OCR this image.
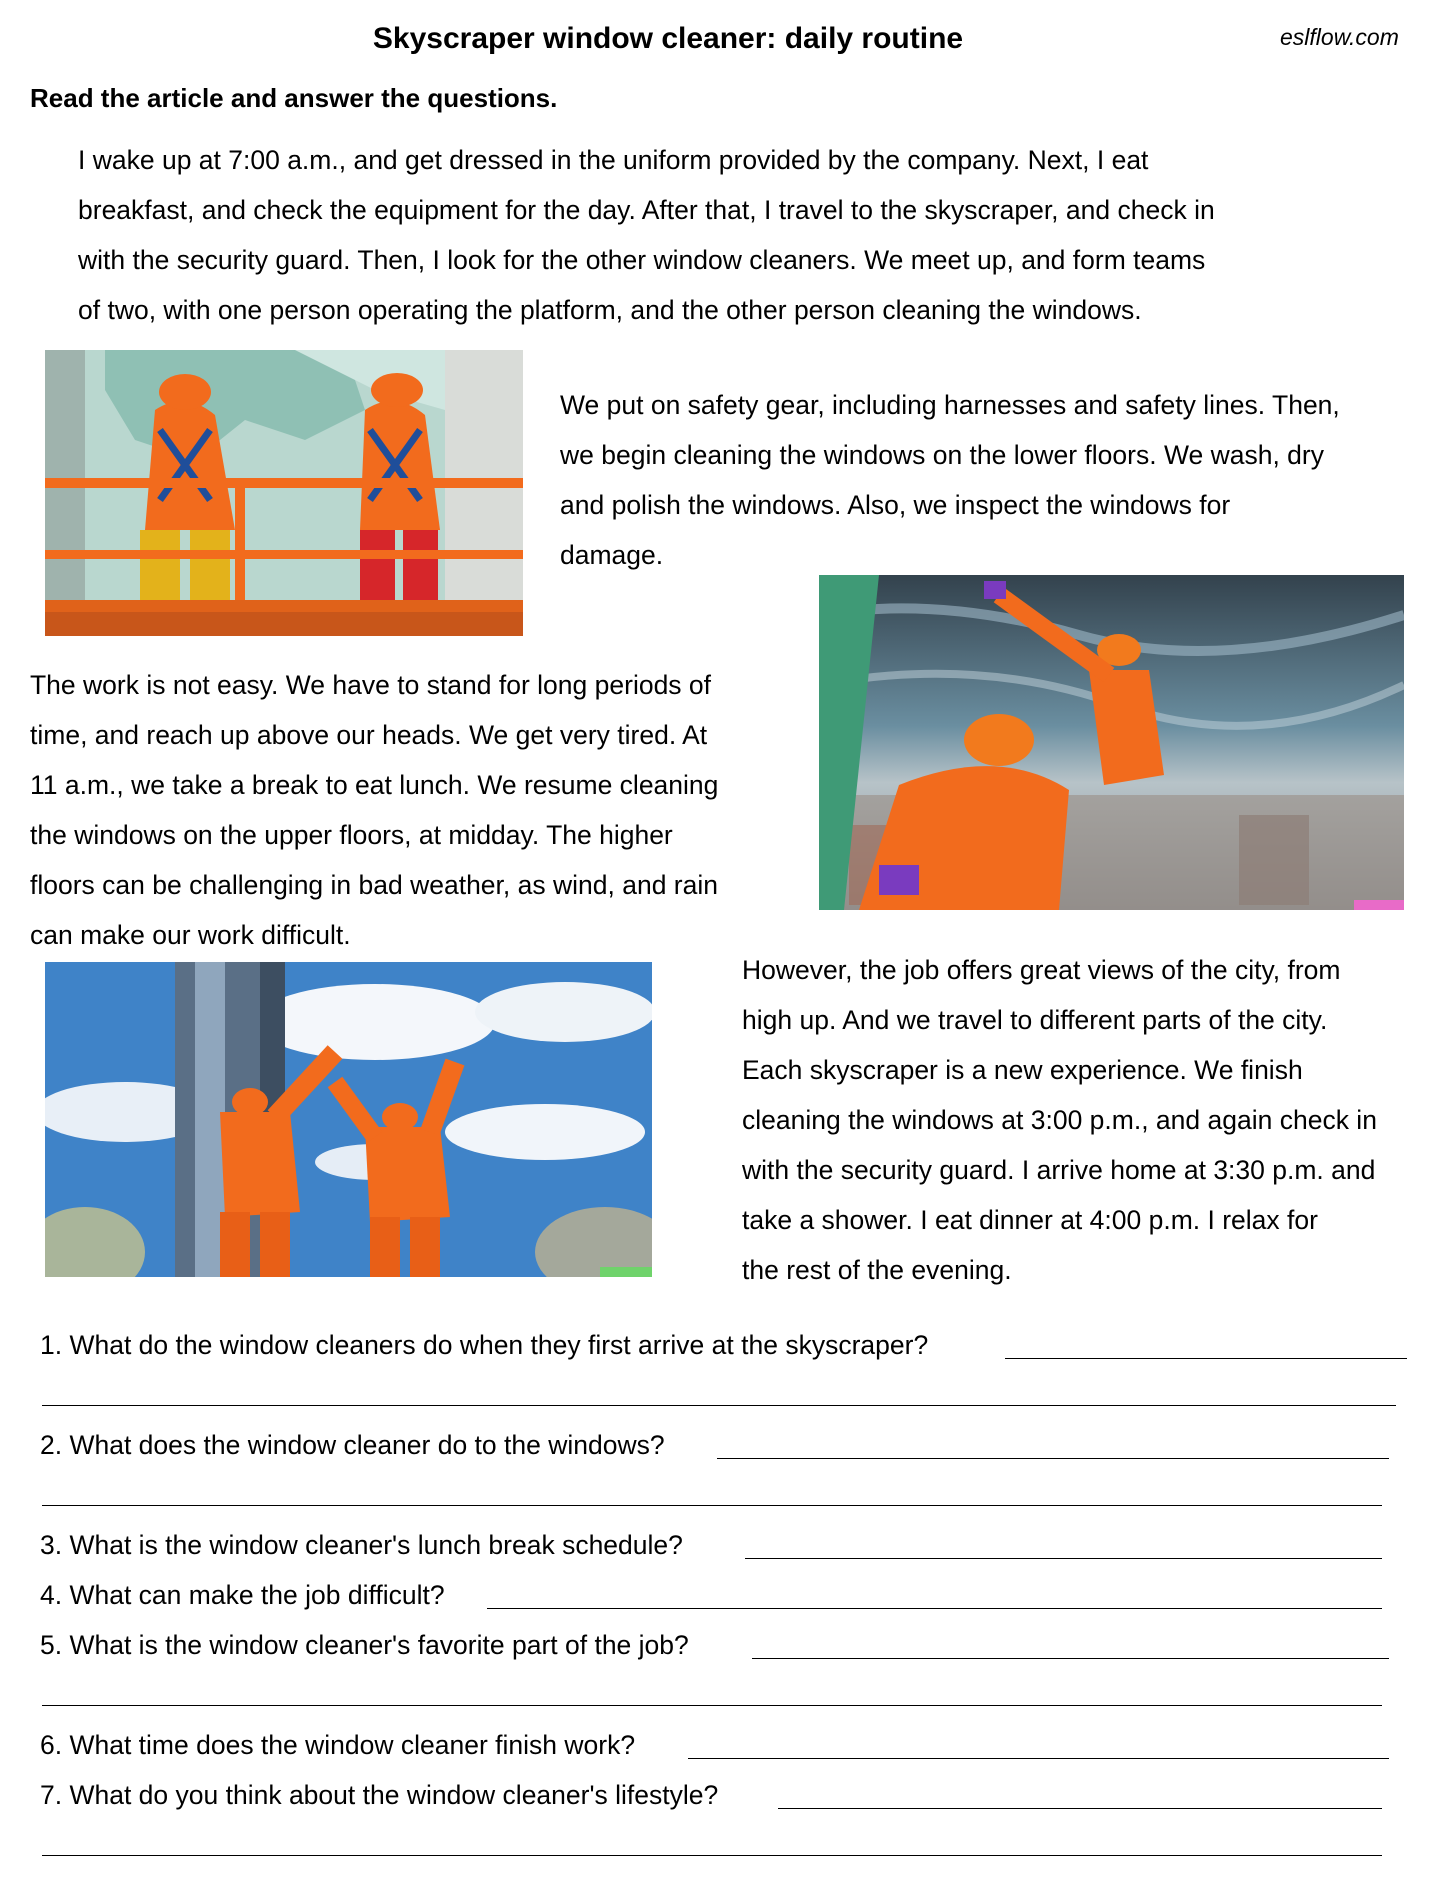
Skyscraper window cleaner: daily routine	eslflow.com
Read the article and answer the questions.

I wake up at 7:00 a.m., and get dressed in the uniform provided by the company. Next, I eat

breakfast, and check the equipment for the day. After that, I travel to the skyscraper, and check in

with the security guard. Then, I look for the other window cleaners. We meet up, and form teams

of two, with one person operating the platform, and the other person cleaning the windows.

We put on safety gear, including harnesses and safety lines. Then,

we begin cleaning the windows on the lower floors. We wash, dry

and polish the windows. Also, we inspect the windows for

damage.

The work is not easy. We have to stand for long periods of

time, and reach up above our heads. We get very tired. At

11 a.m., we take a break to eat lunch. We resume cleaning

the windows on the upper floors, at midday. The higher

floors can be challenging in bad weather, as wind, and rain

can make our work difficult.

However, the job offers great views of the city, from

high up. And we travel to different parts of the city.

Each skyscraper is a new experience. We finish

cleaning the windows at 3:00 p.m., and again check in

with the security guard. I arrive home at 3:30 p.m. and

take a shower. I eat dinner at 4:00 p.m. I relax for

the rest of the evening.

1. What do the window cleaners do when they first arrive at the skyscraper?
2. What does the window cleaner do to the windows?
3. What is the window cleaner's lunch break schedule?
4. What can make the job difficult?
5. What is the window cleaner's favorite part of the job?
6. What time does the window cleaner finish work?
7. What do you think about the window cleaner's lifestyle?
